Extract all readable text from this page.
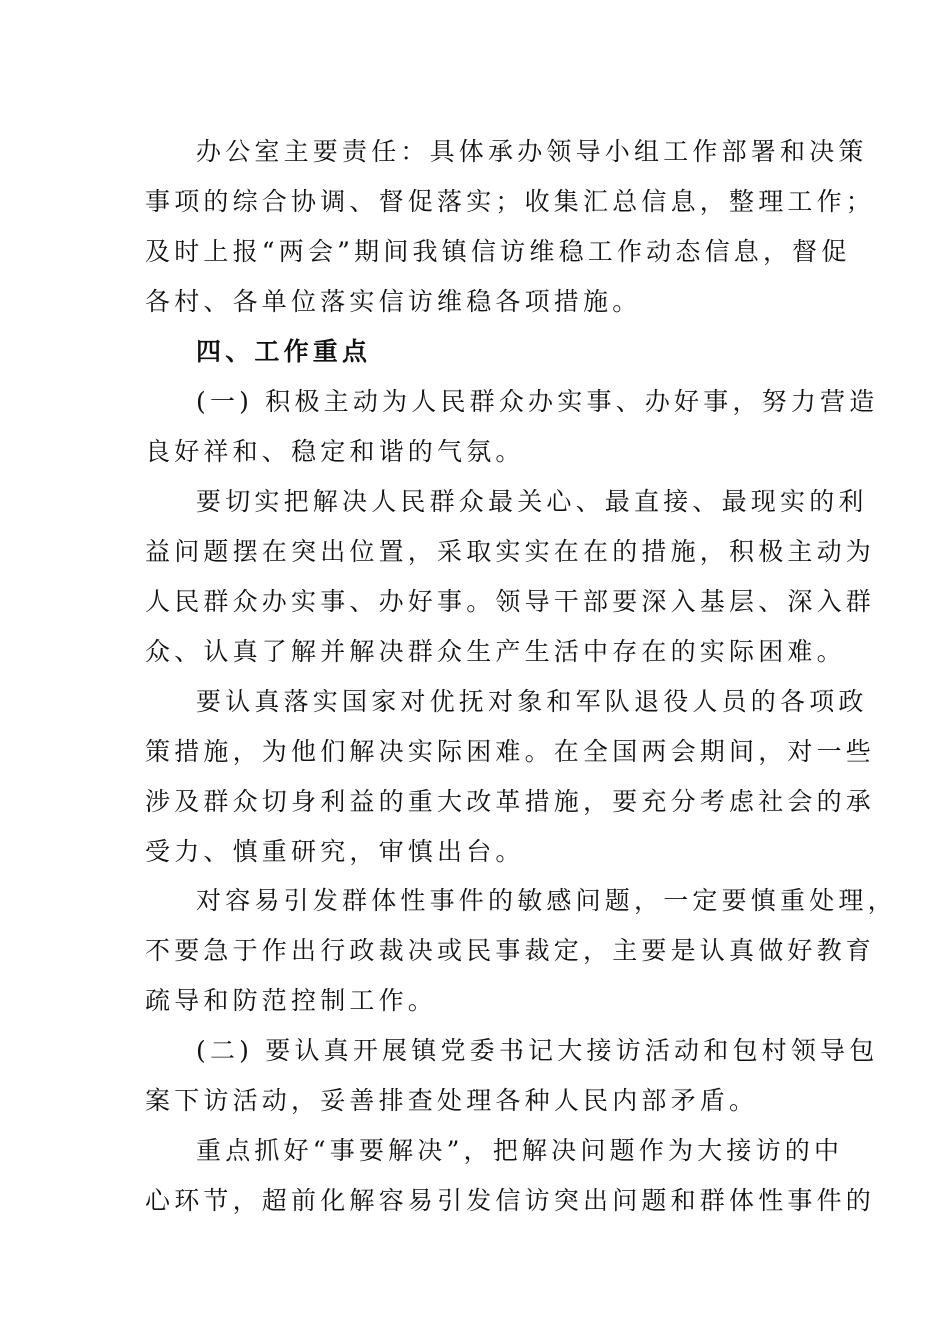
办公室主要责任：具体承办领导小组工作部署和决策
事项的综合协调、督促落实；收集汇总信息，整理工作；
及时上报“两会”期间我镇信访维稳工作动态信息，督促
各村、各单位落实信访维稳各项措施。
四、工作重点
(一) 积极主动为人民群众办实事、办好事，努力营造
良好祥和、稳定和谐的气氛。
要切实把解决人民群众最关心、最直接、最现实的利
益问题摆在突出位置，采取实实在在的措施，积极主动为
人民群众办实事、办好事。领导干部要深入基层、深入群
众、认真了解并解决群众生产生活中存在的实际困难。
要认真落实国家对优抚对象和军队退役人员的各项政
策措施，为他们解决实际困难。在全国两会期间，对一些
涉及群众切身利益的重大改革措施，要充分考虑社会的承
受力、慎重研究，审慎出台。
对容易引发群体性事件的敏感问题，一定要慎重处理，
不要急于作出行政裁决或民事裁定，主要是认真做好教育
疏导和防范控制工作。
(二) 要认真开展镇党委书记大接访活动和包村领导包
案下访活动，妥善排查处理各种人民内部矛盾。
重点抓好“事要解决”，把解决问题作为大接访的中
心环节，超前化解容易引发信访突出问题和群体性事件的
